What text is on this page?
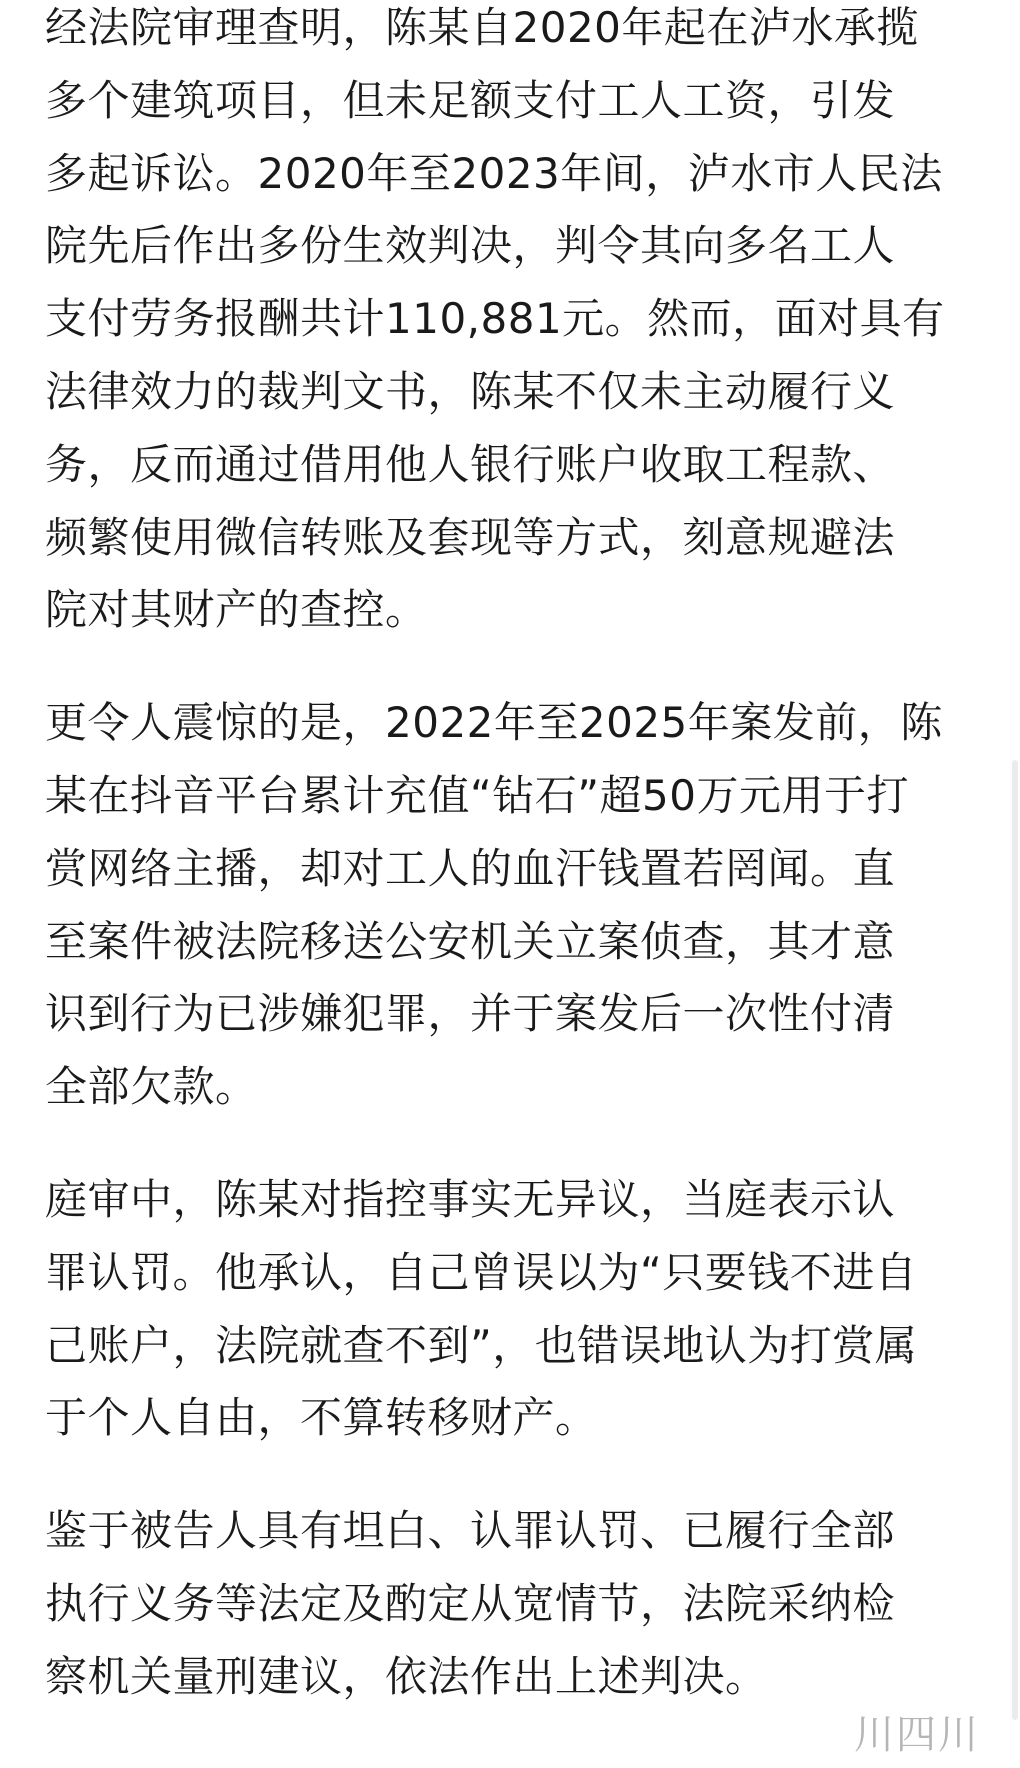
经法院审理查明，陈某自2020年起在泸水承揽
多个建筑项目，但未足额支付工人工资，引发
多起诉讼。2020年至2023年间，泸水市人民法
院先后作出多份生效判决，判令其向多名工人
支付劳务报酬共计110,881元。然而，面对具有
法律效力的裁判文书，陈某不仅未主动履行义
务，反而通过借用他人银行账户收取工程款、
频繁使用微信转账及套现等方式，刻意规避法
院对其财产的查控。

更令人震惊的是，2022年至2025年案发前，陈
某在抖音平台累计充值“钻石”超50万元用于打
赏网络主播，却对工人的血汗钱置若罔闻。直
至案件被法院移送公安机关立案侦查，其才意
识到行为已涉嫌犯罪，并于案发后一次性付清
全部欠款。

庭审中，陈某对指控事实无异议，当庭表示认
罪认罚。他承认，自己曾误以为“只要钱不进自
己账户，法院就查不到”，也错误地认为打赏属
于个人自由，不算转移财产。

鉴于被告人具有坦白、认罪认罚、已履行全部
执行义务等法定及酌定从宽情节，法院采纳检
察机关量刑建议，依法作出上述判决。

川四川
